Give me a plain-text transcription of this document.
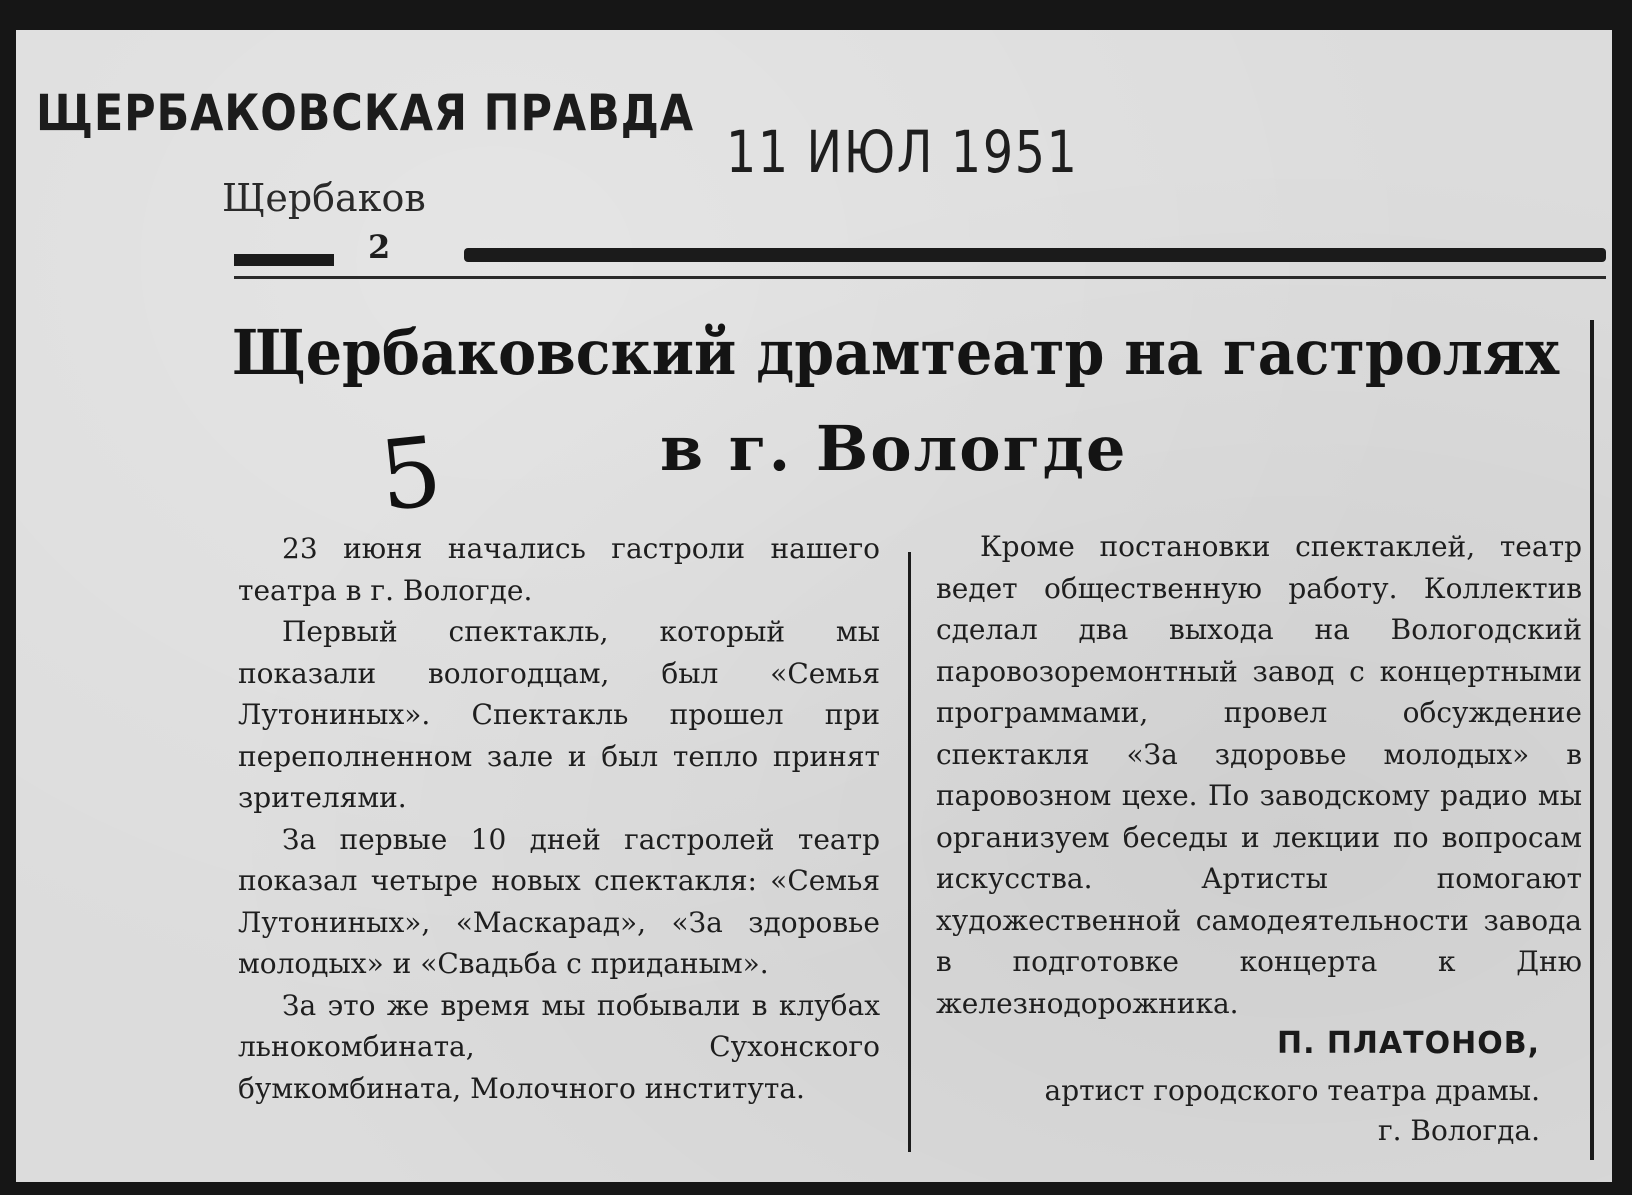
ЩЕРБАКОВСКАЯ ПРАВДА
Щербаков
11 ИЮЛ 1951
2
Щербаковский драмтеатр на гастролях
5	в г. Вологде

23 июня начались гастроли нашего театра в г. Вологде.

Первый спектакль, который мы показали вологодцам, был «Семья Лутониных». Спектакль прошел при переполненном зале и был тепло принят зрителями.

За первые 10 дней гастролей театр показал четыре новых спектакля: «Семья Лутониных», «Маскарад», «За здоровье молодых» и «Свадьба с приданым».

За это же время мы побывали в клубах льнокомбината, Сухонского бумкомбината, Молочного института.

Кроме постановки спектаклей, театр ведет общественную работу. Коллектив сделал два выхода на Вологодский паровозоремонтный завод с концертными программами, провел обсуждение спектакля «За здоровье молодых» в паровозном цехе. По заводскому радио мы организуем беседы и лекции по вопросам искусства. Артисты помогают художественной самодеятельности завода в подготовке концерта к Дню железнодорожника.

П. ПЛАТОНОВ,
артист городского театра драмы.
г. Вологда.
